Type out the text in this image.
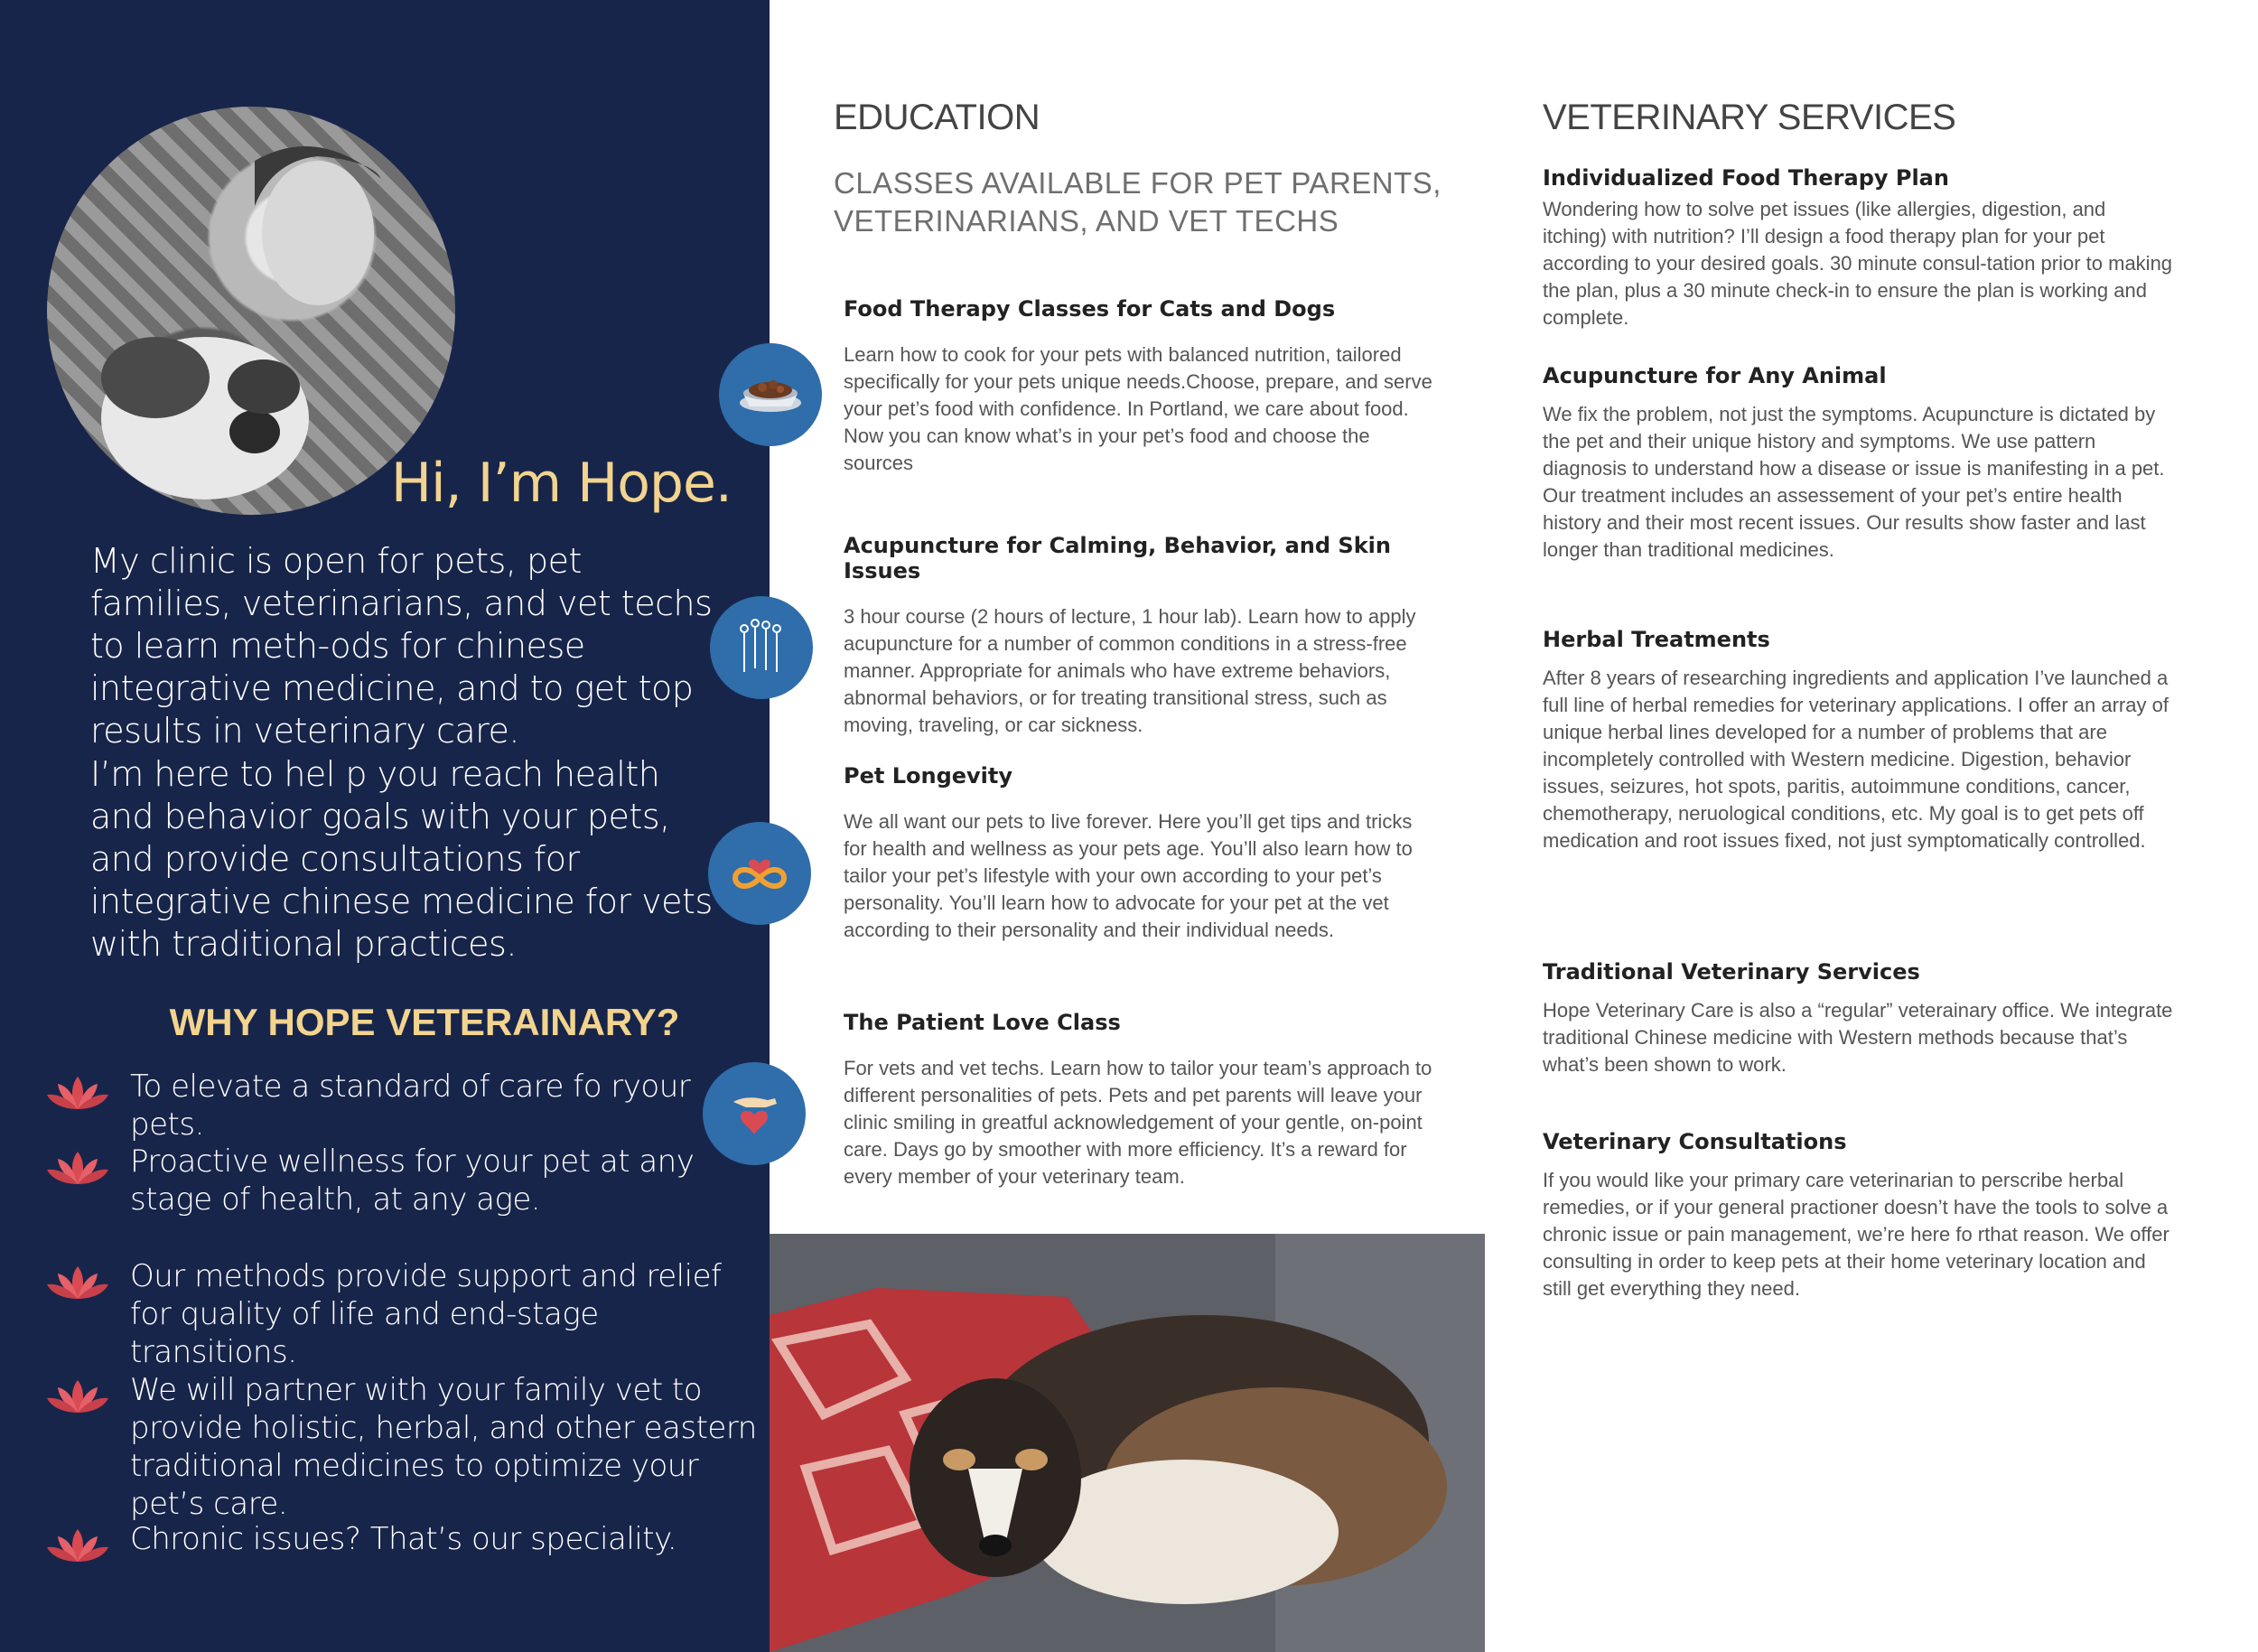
Hi, I’m Hope.

My clinic is open for pets, pet families, veterinarians, and vet techs to learn meth-ods for chinese integrative medicine, and to get top results in veterinary care.

I’m here to hel p you reach health and behavior goals with your pets, and provide consultations for integrative chinese medicine for vets with traditional practices.

WHY HOPE VETERAINARY?
To elevate a standard of care fo ryour pets.
Proactive wellness for your pet at any stage of health, at any age.
Our methods provide support and relief for quality of life and end-stage transitions.
We will partner with your family vet to provide holistic, herbal, and other eastern traditional medicines to optimize your pet’s care.
Chronic issues? That’s our speciality.
EDUCATION
CLASSES AVAILABLE FOR PET PARENTS, VETERINARIANS, AND VET TECHS
Food Therapy Classes for Cats and Dogs

Learn how to cook for your pets with balanced nutrition, tailored specifically for your pets unique needs.Choose, prepare, and serve your pet’s food with confidence. In Portland, we care about food. Now you can know what’s in your pet’s food and choose the sources

Acupuncture for Calming, Behavior, and Skin Issues

3 hour course (2 hours of lecture, 1 hour lab). Learn how to apply acupuncture for a number of common conditions in a stress-free manner. Appropriate for animals who have extreme behaviors, abnormal behaviors, or for treating transitional stress, such as moving, traveling, or car sickness.

Pet Longevity

We all want our pets to live forever. Here you’ll get tips and tricks for health and wellness as your pets age. You’ll also learn how to tailor your pet’s lifestyle with your own according to your pet’s personality. You’ll learn how to advocate for your pet at the vet according to their personality and their individual needs.

The Patient Love Class

For vets and vet techs. Learn how to tailor your team’s approach to different personalities of pets. Pets and pet parents will leave your clinic smiling in greatful acknowledgement of your gentle, on-point care. Days go by smoother with more efficiency. It’s a reward for every member of your veterinary team.

VETERINARY SERVICES
Individualized Food Therapy Plan

Wondering how to solve pet issues (like allergies, digestion, and itching) with nutrition? I’ll design a food therapy plan for your pet according to your desired goals. 30 minute consul-tation prior to making the plan, plus a 30 minute check-in to ensure the plan is working and complete.

Acupuncture for Any Animal

We fix the problem, not just the symptoms. Acupuncture is dictated by the pet and their unique history and symptoms. We use pattern diagnosis to understand how a disease or issue is manifesting in a pet. Our treatment includes an assessement of your pet’s entire health history and their most recent issues. Our results show faster and last longer than traditional medicines.

Herbal Treatments

After 8 years of researching ingredients and application I’ve launched a full line of herbal remedies for veterinary applications. I offer an array of unique herbal lines developed for a number of problems that are incompletely controlled with Western medicine. Digestion, behavior issues, seizures, hot spots, paritis, autoimmune conditions, cancer, chemotherapy, neruological conditions, etc. My goal is to get pets off medication and root issues fixed, not just symptomatically controlled.

Traditional Veterinary Services

Hope Veterinary Care is also a “regular” veterainary office. We integrate traditional Chinese medicine with Western methods because that’s what’s been shown to work.

Veterinary Consultations

If you would like your primary care veterinarian to perscribe herbal remedies, or if your general practioner doesn’t have the tools to solve a chronic issue or pain management, we’re here fo rthat reason. We offer consulting in order to keep pets at their home veterinary location and still get everything they need.
